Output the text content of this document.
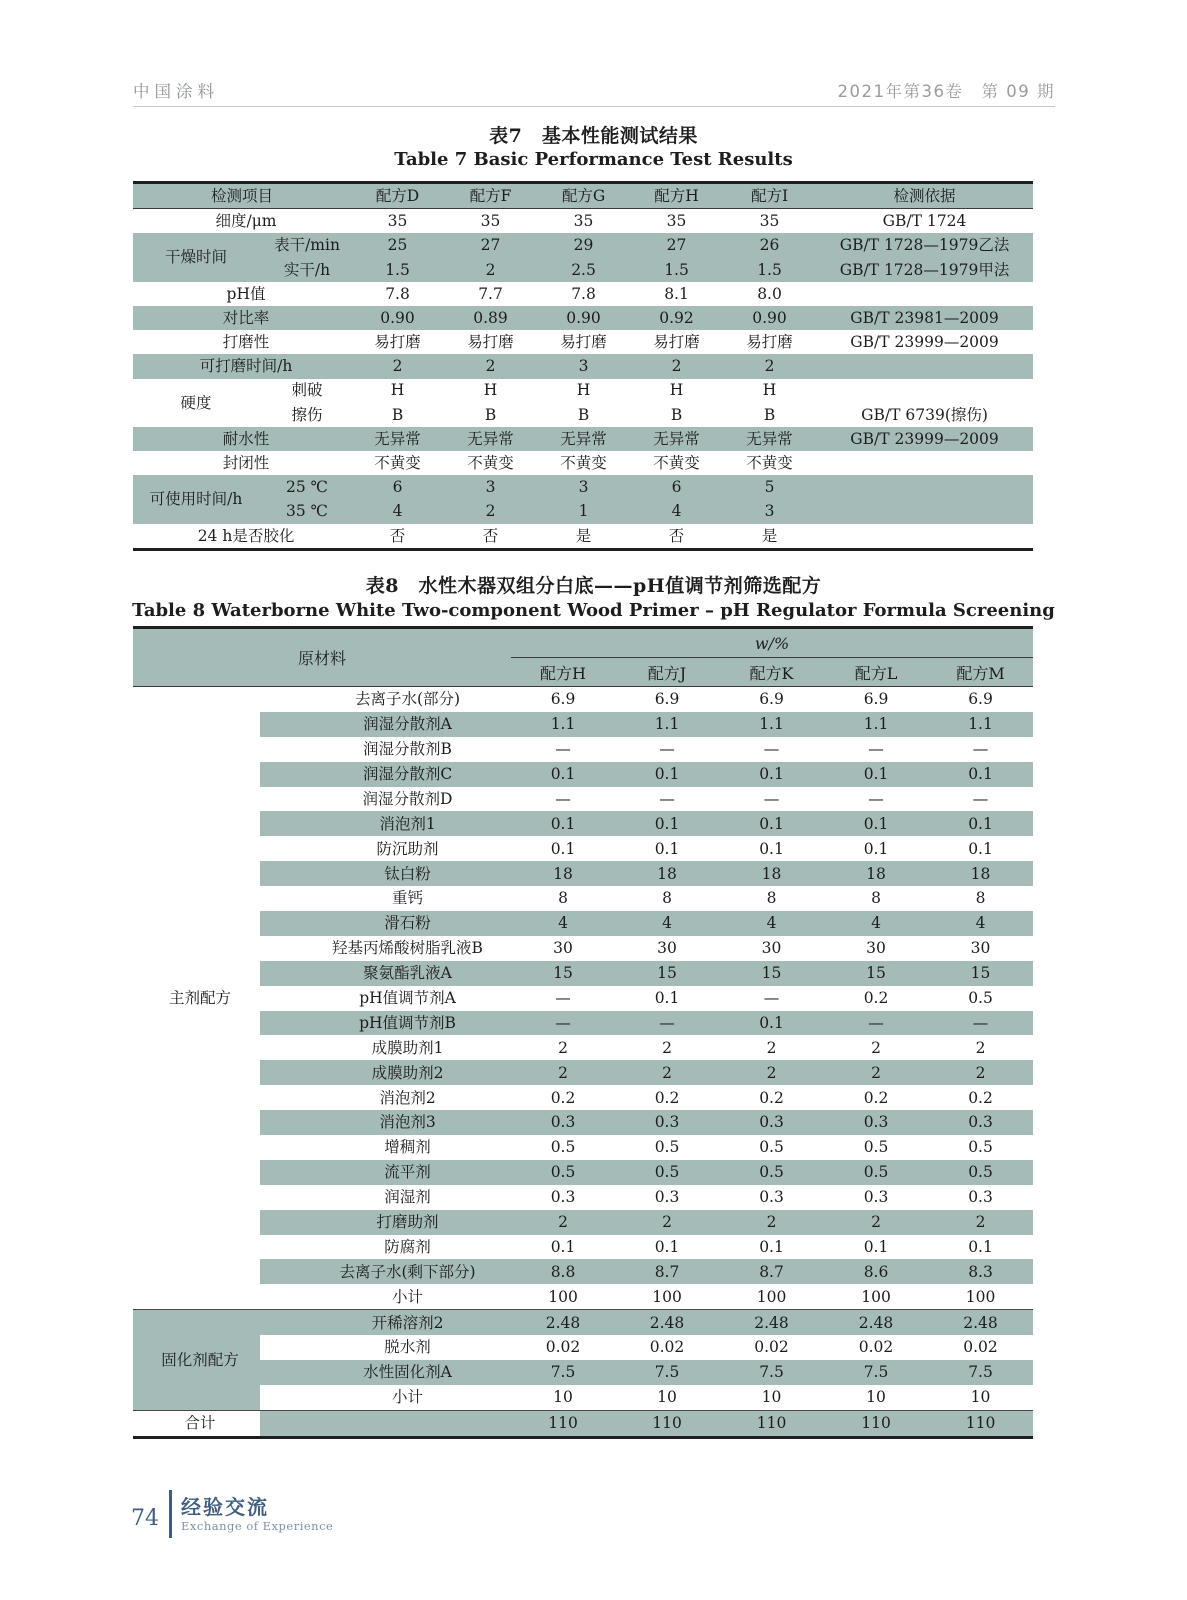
中国涂料	2021年第36卷　第 09 期
表7　基本性能测试结果
Table 7 Basic Performance Test Results
检测项目		配方D	配方F	配方G	配方H	配方I	检测依据
细度/μm		35	35	35	35	35	GB/T 1724
干燥时间	表干/min	25	27	29	27	26	GB/T 1728—1979乙法
	实干/h	1.5	2	2.5	1.5	1.5	GB/T 1728—1979甲法
pH值		7.8	7.7	7.8	8.1	8.0	
对比率		0.90	0.89	0.90	0.92	0.90	GB/T 23981—2009
打磨性		易打磨	易打磨	易打磨	易打磨	易打磨	GB/T 23999—2009
可打磨时间/h		2	2	3	2	2	
硬度	刺破	H	H	H	H	H	
	擦伤	B	B	B	B	B	GB/T 6739(擦伤)
耐水性		无异常	无异常	无异常	无异常	无异常	GB/T 23999—2009
封闭性		不黄变	不黄变	不黄变	不黄变	不黄变	
可使用时间/h	25 ℃	6	3	3	6	5	
	35 ℃	4	2	1	4	3	
24 h是否胶化		否	否	是	否	是	
表8　水性木器双组分白底——pH值调节剂筛选配方
Table 8 Waterborne White Two-component Wood Primer – pH Regulator Formula Screening
原材料		w/%				
		配方H	配方J	配方K	配方L	配方M
主剂配方	去离子水(部分)	6.9	6.9	6.9	6.9	6.9
	润湿分散剂A	1.1	1.1	1.1	1.1	1.1
	润湿分散剂B	—	—	—	—	—
	润湿分散剂C	0.1	0.1	0.1	0.1	0.1
	润湿分散剂D	—	—	—	—	—
	消泡剂1	0.1	0.1	0.1	0.1	0.1
	防沉助剂	0.1	0.1	0.1	0.1	0.1
	钛白粉	18	18	18	18	18
	重钙	8	8	8	8	8
	滑石粉	4	4	4	4	4
	羟基丙烯酸树脂乳液B	30	30	30	30	30
	聚氨酯乳液A	15	15	15	15	15
	pH值调节剂A	—	0.1	—	0.2	0.5
	pH值调节剂B	—	—	0.1	—	—
	成膜助剂1	2	2	2	2	2
	成膜助剂2	2	2	2	2	2
	消泡剂2	0.2	0.2	0.2	0.2	0.2
	消泡剂3	0.3	0.3	0.3	0.3	0.3
	增稠剂	0.5	0.5	0.5	0.5	0.5
	流平剂	0.5	0.5	0.5	0.5	0.5
	润湿剂	0.3	0.3	0.3	0.3	0.3
	打磨助剂	2	2	2	2	2
	防腐剂	0.1	0.1	0.1	0.1	0.1
	去离子水(剩下部分)	8.8	8.7	8.7	8.6	8.3
	小计	100	100	100	100	100
固化剂配方	开稀溶剂2	2.48	2.48	2.48	2.48	2.48
	脱水剂	0.02	0.02	0.02	0.02	0.02
	水性固化剂A	7.5	7.5	7.5	7.5	7.5
	小计	10	10	10	10	10
合计		110	110	110	110	110
74 经验交流
Exchange of Experience
